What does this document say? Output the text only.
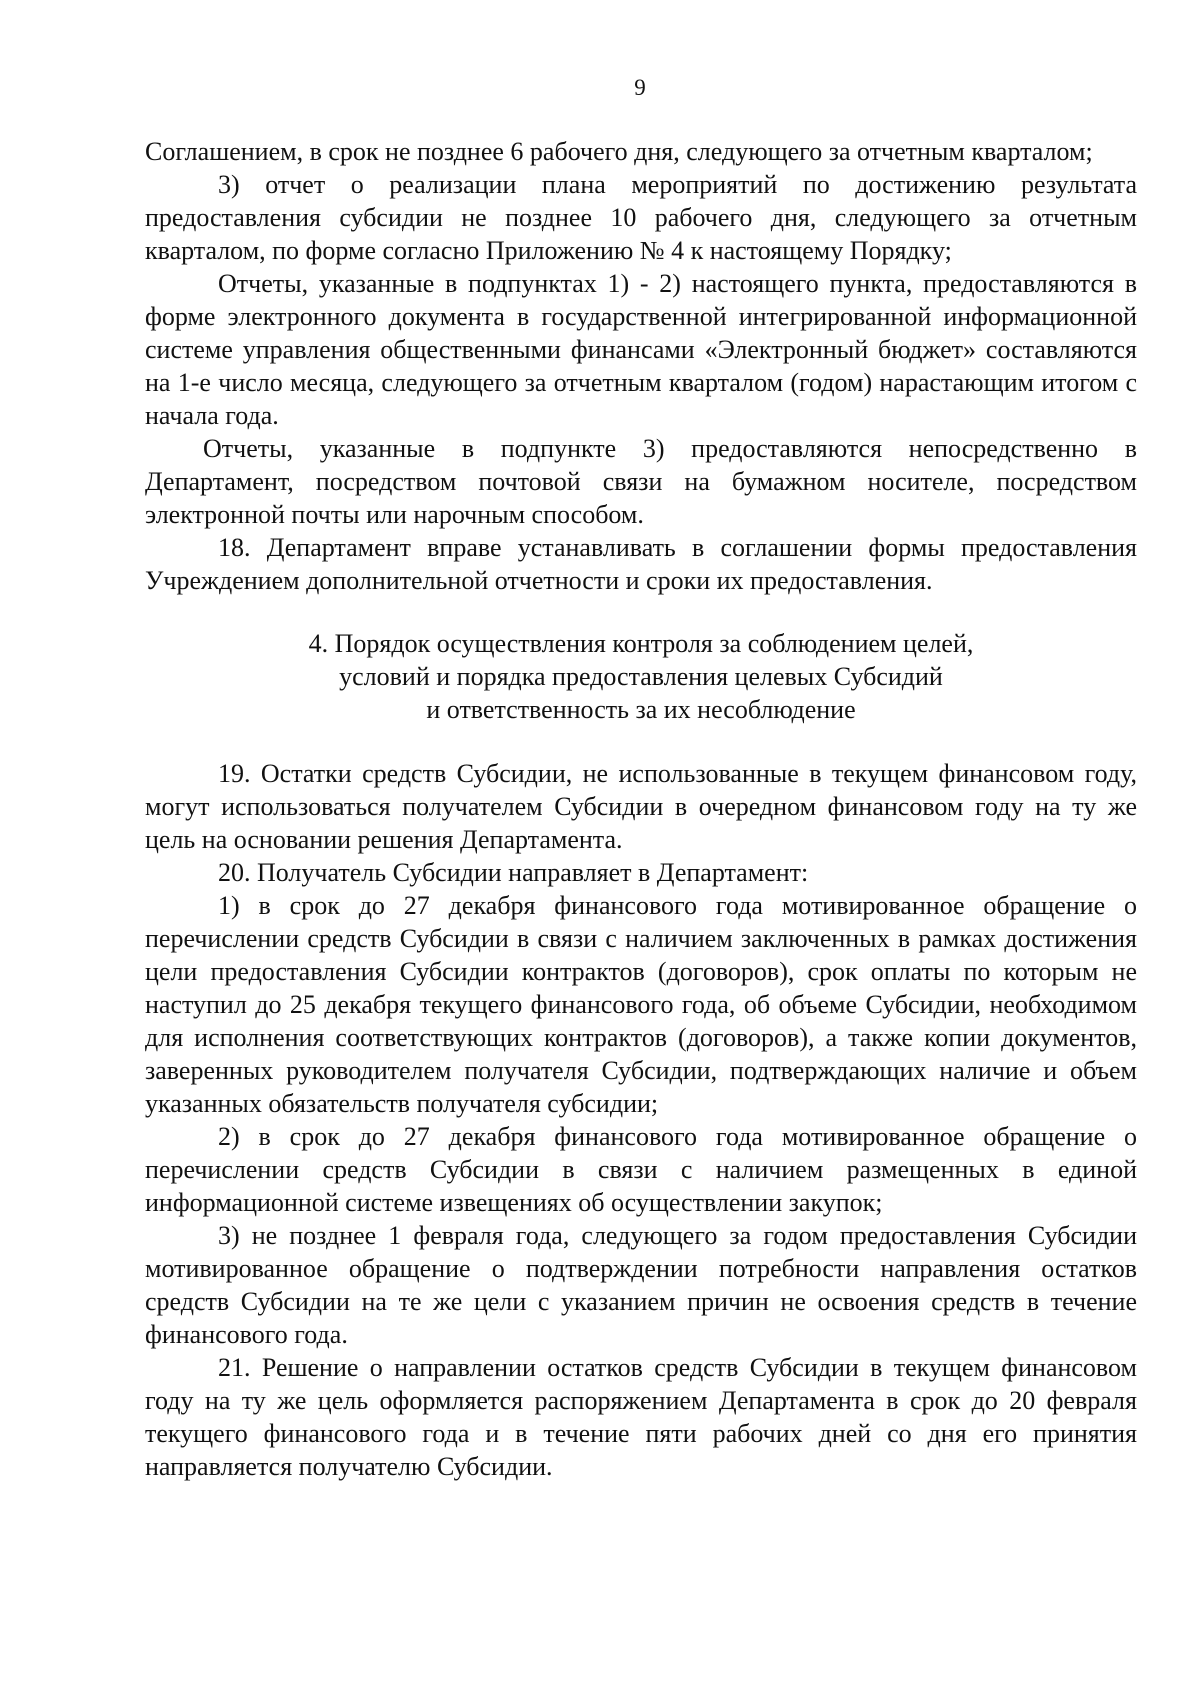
9

Соглашением, в срок не позднее 6 рабочего дня, следующего за отчетным кварталом;

3) отчет о реализации плана мероприятий по достижению результата предоставления субсидии не позднее 10 рабочего дня, следующего за отчетным кварталом, по форме согласно Приложению № 4 к настоящему Порядку;

Отчеты, указанные в подпунктах 1) - 2) настоящего пункта, предоставляются в форме электронного документа в государственной интегрированной информационной системе управления общественными финансами «Электронный бюджет» составляются на 1-е число месяца, следующего за отчетным кварталом (годом) нарастающим итогом с начала года.

Отчеты, указанные в подпункте 3) предоставляются непосредственно в Департамент, посредством почтовой связи на бумажном носителе, посредством электронной почты или нарочным способом.

18. Департамент вправе устанавливать в соглашении формы предоставления Учреждением дополнительной отчетности и сроки их предоставления.

4. Порядок осуществления контроля за соблюдением целей,
условий и порядка предоставления целевых Субсидий
и ответственность за их несоблюдение

19. Остатки средств Субсидии, не использованные в текущем финансовом году, могут использоваться получателем Субсидии в очередном финансовом году на ту же цель на основании решения Департамента.

20. Получатель Субсидии направляет в Департамент:

1) в срок до 27 декабря финансового года мотивированное обращение о перечислении средств Субсидии в связи с наличием заключенных в рамках достижения цели предоставления Субсидии контрактов (договоров), срок оплаты по которым не наступил до 25 декабря текущего финансового года, об объеме Субсидии, необходимом для исполнения соответствующих контрактов (договоров), а также копии документов, заверенных руководителем получателя Субсидии, подтверждающих наличие и объем указанных обязательств получателя субсидии;

2) в срок до 27 декабря финансового года мотивированное обращение о перечислении средств Субсидии в связи с наличием размещенных в единой информационной системе извещениях об осуществлении закупок;

3) не позднее 1 февраля года, следующего за годом предоставления Субсидии мотивированное обращение о подтверждении потребности направления остатков средств Субсидии на те же цели с указанием причин не освоения средств в течение финансового года.

21. Решение о направлении остатков средств Субсидии в текущем финансовом году на ту же цель оформляется распоряжением Департамента в срок до 20 февраля текущего финансового года и в течение пяти рабочих дней со дня его принятия направляется получателю Субсидии.
